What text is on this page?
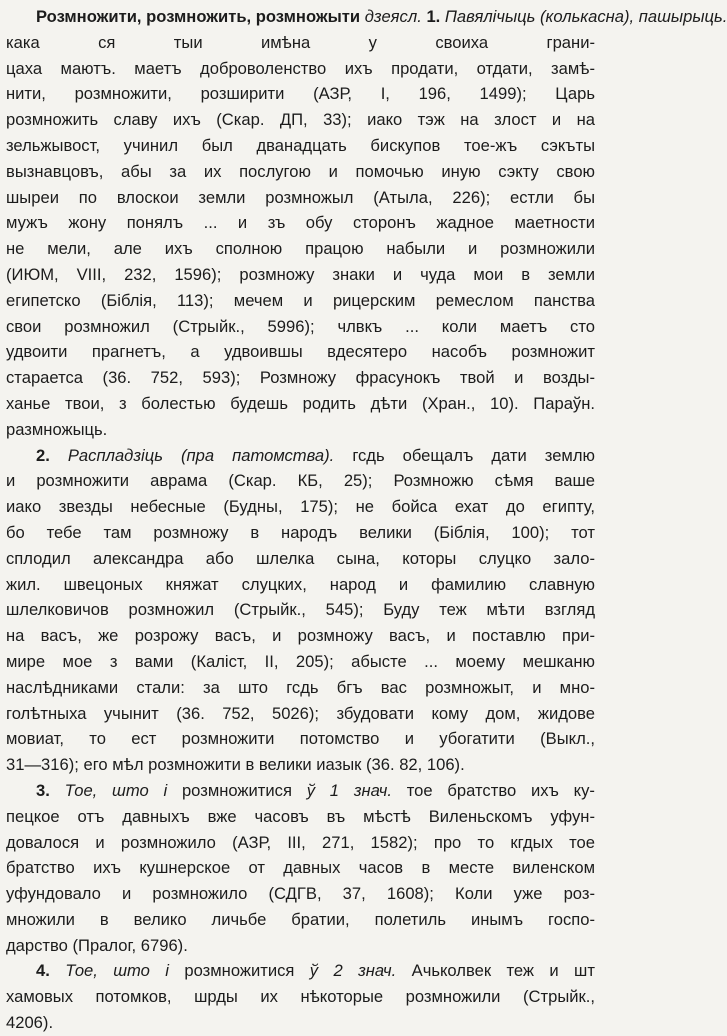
Розмножити, розмножить, розмножыти дзеясл. 1. Павялічыць (колькасна), пашырыць.
кака ся тыи имѣна у своиха грани-
цаха маютъ. маетъ доброволенство ихъ продати, отдати, замѣ-
нити, розмножити, розширити (АЗР, I, 196, 1499); Царь
розмножить славу ихъ (Скар. ДП, 33); иако тэж на злост и на
зельжывост, учинил был дванадцать бискупов тое-жъ сэкъты
вызнавцовъ, абы за их послугою и помочью иную сэкту свою
шыреи по влоскои земли розмножыл (Атыла, 226); естли бы
мужъ жону понялъ ... и зъ обу сторонъ жадное маетности
не мели, але ихъ сполною працою набыли и розмножили
(ИЮМ, VIII, 232, 1596); розмножу знаки и чуда мои в земли
египетско (Біблія, 113); мечем и рицерским ремеслом панства
свои розмножил (Стрыйк., 5996); члвкъ ... коли маетъ сто
удвоити прагнетъ, а удвоившы вдесятеро насобъ розмножит
стараетса (36. 752, 593); Розмножу фрасунокъ твой и возды-
ханье твои, з болестью будешь родить дѣти (Хран., 10). Параўн.
размножыць.
2. Распладзіць (пра патомства). гсдь обещалъ дати землю
и розмножити аврама (Скар. КБ, 25); Розмножю сѣмя ваше
иако звезды небесные (Будны, 175); не бойса ехат до египту,
бо тебе там розмножу в народъ велики (Біблія, 100); тот
сплодил александра або шлелка сына, которы слуцко зало-
жил. швецоных княжат слуцких, народ и фамилию славную
шлелковичов розмножил (Стрыйк., 545); Буду теж мѣти взгляд
на васъ, же розрожу васъ, и розмножу васъ, и поставлю при-
мире мое з вами (Каліст, II, 205); абысте ... моему мешканю
наслѣдниками стали: за што гсдь бгъ вас розмножыт, и мно-
голѣтныха учынит (36. 752, 5026); збудовати кому дом, жидове
мовиат, то ест розмножити потомство и убогатити (Выкл.,
31—316); его мѣл розмножити в велики иазык (36. 82, 106).
3. Тое, што і розмножитися ў 1 знач. тое братство ихъ ку-
пецкое отъ давныхъ вже часовъ въ мѣстѣ Виленьскомъ уфун-
довалося и розмножило (АЗР, III, 271, 1582); про то кгдых тое
братство ихъ кушнерское от давных часов в месте виленском
уфундовало и розмножило (СДГВ, 37, 1608); Коли уже роз-
множили в велико личьбе братии, полетиль инымъ госпо-
дарство (Пралог, 6796).
4. Тое, што і розмножитися ў 2 знач. Ачьколвек теж и шт
хамовых потомков, шрды их нѣкоторые розмножили (Стрыйк.,
4206).
